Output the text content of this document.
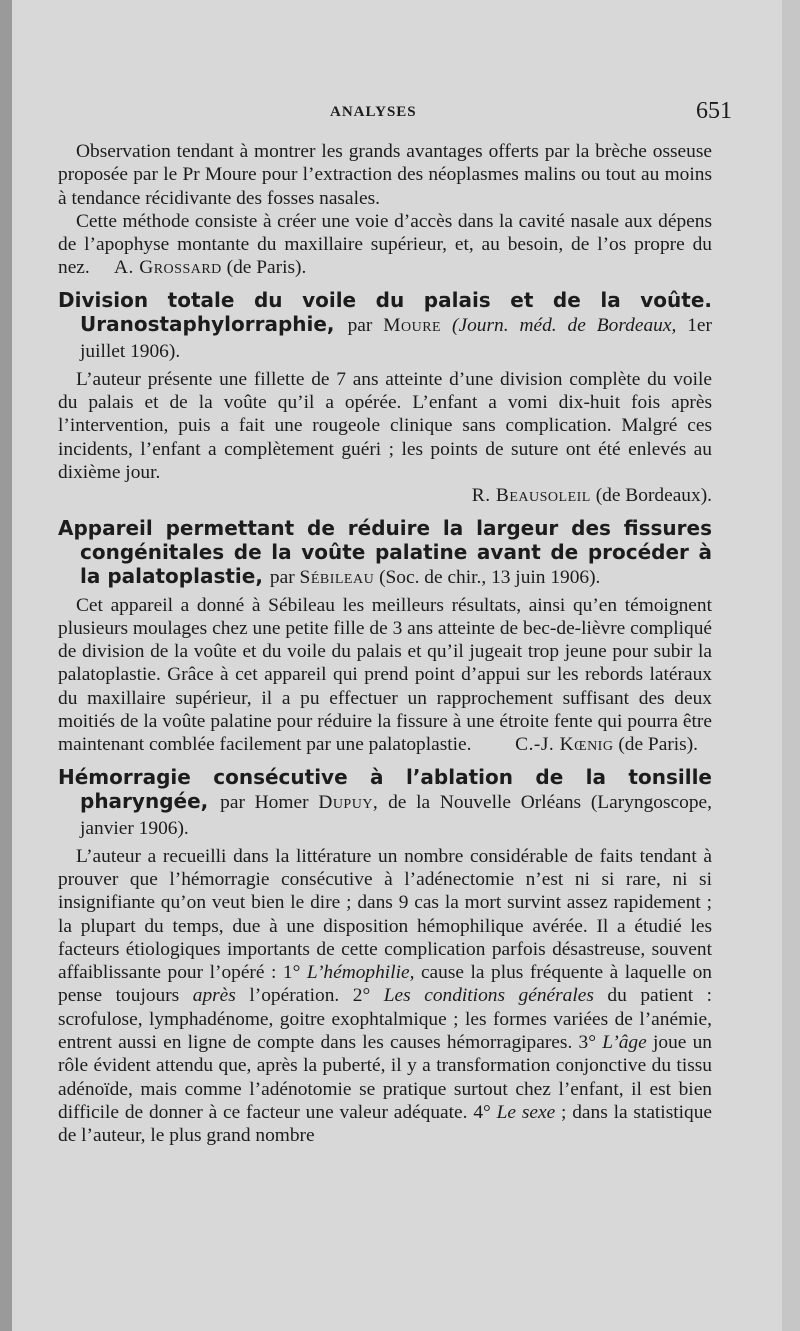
ANALYSES	651

Observation tendant à montrer les grands avantages offerts par la brèche osseuse proposée par le Pr Moure pour l’extraction des néoplasmes malins ou tout au moins à tendance récidivante des fosses nasales.

Cette méthode consiste à créer une voie d’accès dans la cavité nasale aux dépens de l’apophyse montante du maxillaire supérieur, et, au besoin, de l’os propre du nez. A. Grossard (de Paris).

Division totale du voile du palais et de la voûte. Uranostaphylorraphie, par Moure (Journ. méd. de Bordeaux, 1er juillet 1906).

L’auteur présente une fillette de 7 ans atteinte d’une division complète du voile du palais et de la voûte qu’il a opérée. L’enfant a vomi dix-huit fois après l’intervention, puis a fait une rougeole clinique sans complication. Malgré ces incidents, l’enfant a complètement guéri ; les points de suture ont été enlevés au dixième jour.

R. Beausoleil (de Bordeaux).
Appareil permettant de réduire la largeur des fissures congénitales de la voûte palatine avant de procéder à la palatoplastie, par Sébileau (Soc. de chir., 13 juin 1906).

Cet appareil a donné à Sébileau les meilleurs résultats, ainsi qu’en témoignent plusieurs moulages chez une petite fille de 3 ans atteinte de bec-de-lièvre compliqué de division de la voûte et du voile du palais et qu’il jugeait trop jeune pour subir la palatoplastie. Grâce à cet appareil qui prend point d’appui sur les rebords latéraux du maxillaire supérieur, il a pu effectuer un rapprochement suffisant des deux moitiés de la voûte palatine pour réduire la fissure à une étroite fente qui pourra être maintenant comblée facilement par une palatoplastie. C.-J. Kœnig (de Paris).

Hémorragie consécutive à l’ablation de la tonsille pharyngée, par Homer Dupuy, de la Nouvelle Orléans (Laryngoscope, janvier 1906).

L’auteur a recueilli dans la littérature un nombre considérable de faits tendant à prouver que l’hémorragie consécutive à l’adénectomie n’est ni si rare, ni si insignifiante qu’on veut bien le dire ; dans 9 cas la mort survint assez rapidement ; la plupart du temps, due à une disposition hémophilique avérée. Il a étudié les facteurs étiologiques importants de cette complication parfois désastreuse, souvent affaiblissante pour l’opéré : 1° L’hémophilie, cause la plus fréquente à laquelle on pense toujours après l’opération. 2° Les conditions générales du patient : scrofulose, lymphadénome, goitre exophtalmique ; les formes variées de l’anémie, entrent aussi en ligne de compte dans les causes hémorragipares. 3° L’âge joue un rôle évident attendu que, après la puberté, il y a transformation conjonctive du tissu adénoïde, mais comme l’adénotomie se pratique surtout chez l’enfant, il est bien difficile de donner à ce facteur une valeur adéquate. 4° Le sexe ; dans la statistique de l’auteur, le plus grand nombre
